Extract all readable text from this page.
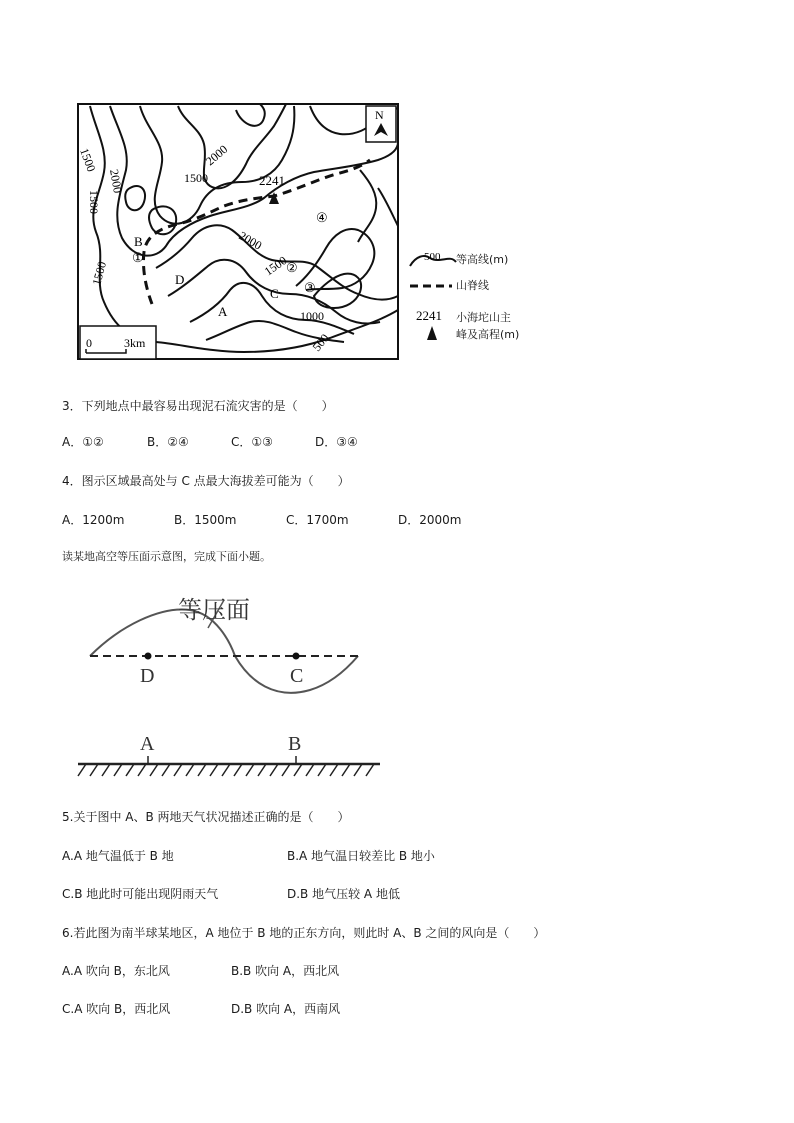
2241
1500
2000	1500
2000
2000
1500
1500
1000
500
1500
B
①
D
A
C
②
③
④
N
0	3km
500
2241
等高线(m)
山脊线
小海坨山主
峰及高程(m)
3．下列地点中最容易出现泥石流灾害的是（　　）
A．①②	B．②④	C．①③	D．③④
4．图示区域最高处与 C 点最大海拔差可能为（　　）
A．1200m	B．1500m	C．1700m	D．2000m
读某地高空等压面示意图，完成下面小题。
等压面
D	C
A	B
5.关于图中 A、B 两地天气状况描述正确的是（　　）
A.A 地气温低于 B 地	B.A 地气温日较差比 B 地小
C.B 地此时可能出现阴雨天气	D.B 地气压较 A 地低
6.若此图为南半球某地区，A 地位于 B 地的正东方向，则此时 A、B 之间的风向是（　　）
A.A 吹向 B，东北风	B.B 吹向 A，西北风
C.A 吹向 B，西北风	D.B 吹向 A，西南风
